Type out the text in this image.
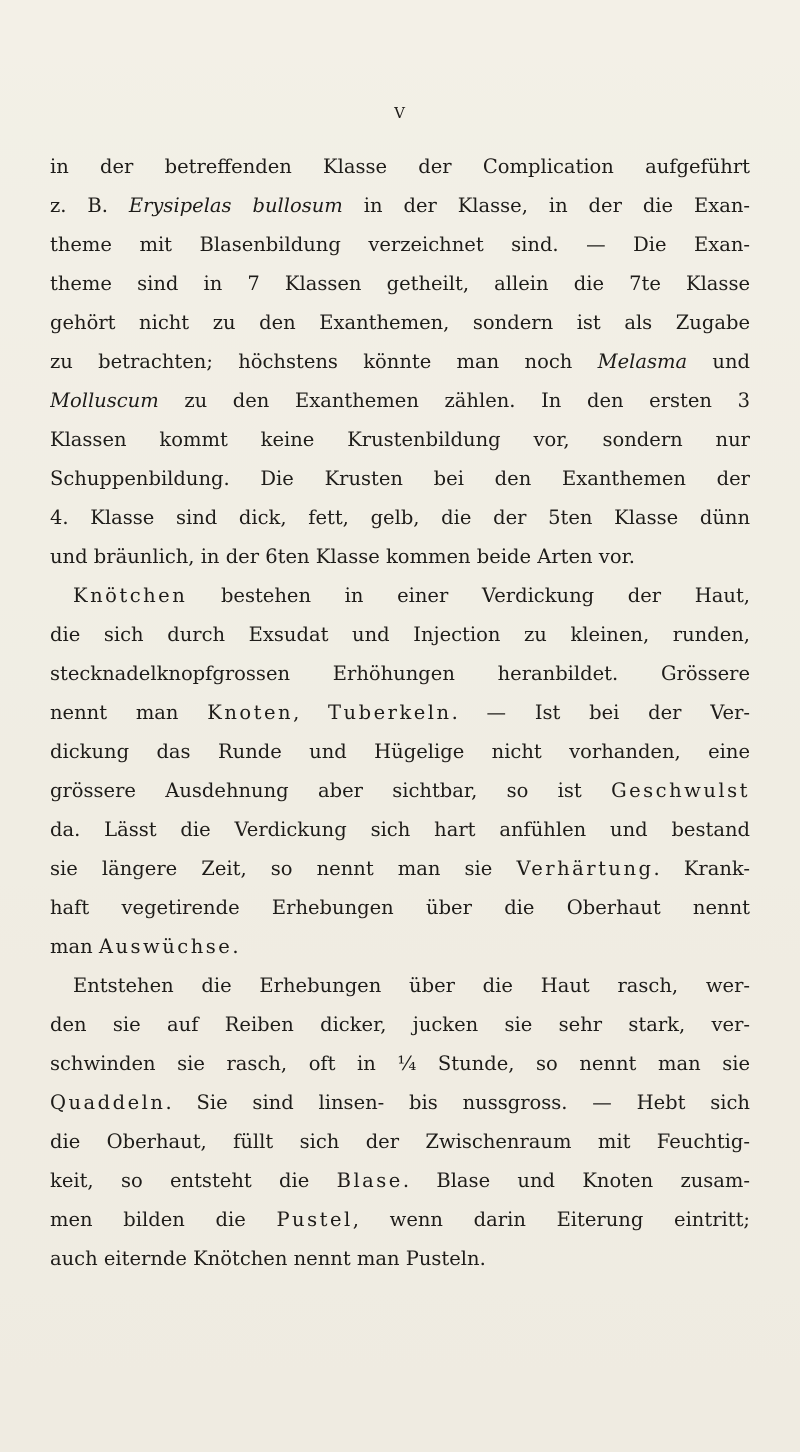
V
in der betreffenden Klasse der Complication aufgeführt
z. B. Erysipelas bullosum in der Klasse, in der die Exan-
theme mit Blasenbildung verzeichnet sind. — Die Exan-
theme sind in 7 Klassen getheilt, allein die 7te Klasse
gehört nicht zu den Exanthemen, sondern ist als Zugabe
zu betrachten; höchstens könnte man noch Melasma und
Molluscum zu den Exanthemen zählen. In den ersten 3
Klassen kommt keine Krustenbildung vor, sondern nur
Schuppenbildung. Die Krusten bei den Exanthemen der
4. Klasse sind dick, fett, gelb, die der 5ten Klasse dünn
und bräunlich, in der 6ten Klasse kommen beide Arten vor.
Knötchen bestehen in einer Verdickung der Haut,
die sich durch Exsudat und Injection zu kleinen, runden,
stecknadelknopfgrossen Erhöhungen heranbildet. Grössere
nennt man Knoten, Tuberkeln. — Ist bei der Ver-
dickung das Runde und Hügelige nicht vorhanden, eine
grössere Ausdehnung aber sichtbar, so ist Geschwulst
da. Lässt die Verdickung sich hart anfühlen und bestand
sie längere Zeit, so nennt man sie Verhärtung. Krank-
haft vegetirende Erhebungen über die Oberhaut nennt
man Auswüchse.
Entstehen die Erhebungen über die Haut rasch, wer-
den sie auf Reiben dicker, jucken sie sehr stark, ver-
schwinden sie rasch, oft in ¼ Stunde, so nennt man sie
Quaddeln. Sie sind linsen- bis nussgross. — Hebt sich
die Oberhaut, füllt sich der Zwischenraum mit Feuchtig-
keit, so entsteht die Blase. Blase und Knoten zusam-
men bilden die Pustel, wenn darin Eiterung eintritt;
auch eiternde Knötchen nennt man Pusteln.
